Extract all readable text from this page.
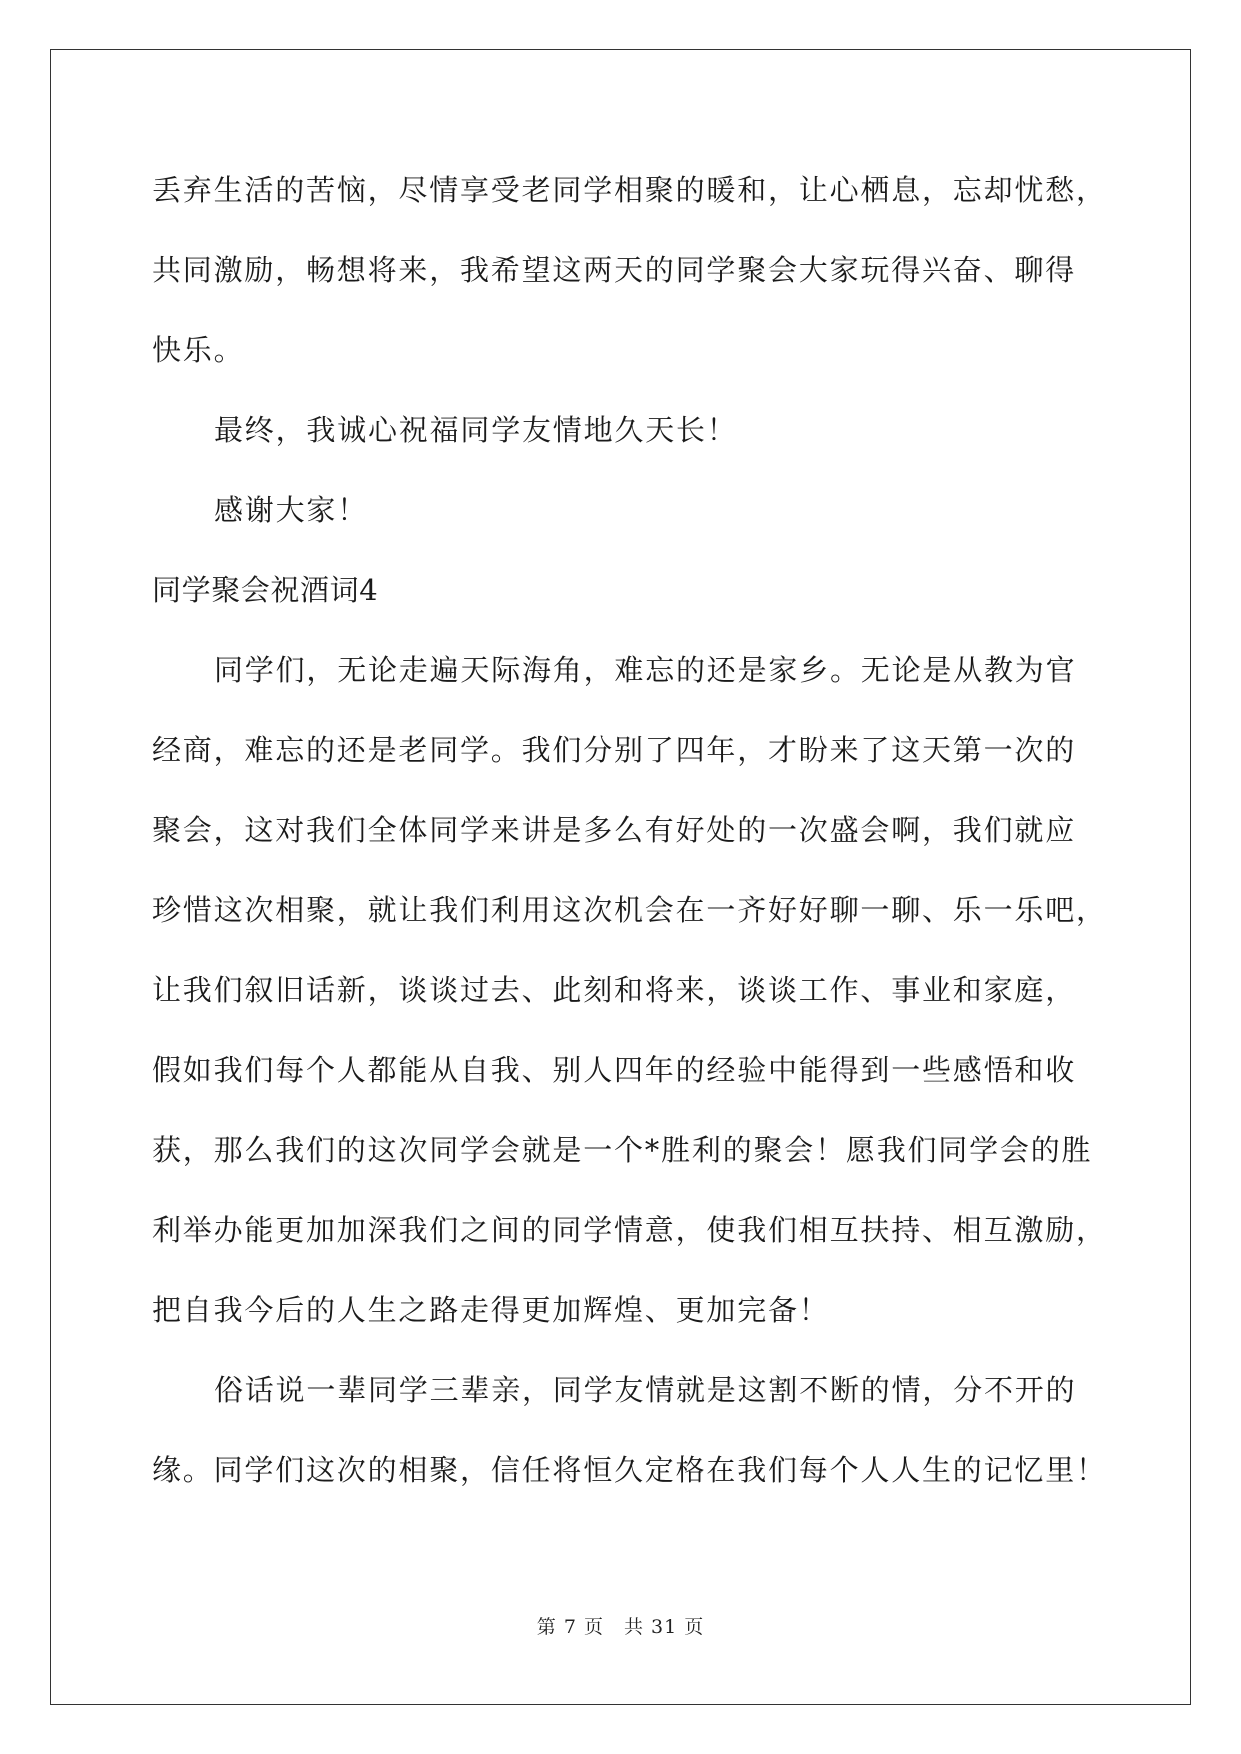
丢弃生活的苦恼，尽情享受老同学相聚的暖和，让心栖息，忘却忧愁，
共同激励，畅想将来，我希望这两天的同学聚会大家玩得兴奋、聊得
快乐。
最终，我诚心祝福同学友情地久天长！
感谢大家！
同学聚会祝酒词4
同学们，无论走遍天际海角，难忘的还是家乡。无论是从教为官
经商，难忘的还是老同学。我们分别了四年，才盼来了这天第一次的
聚会，这对我们全体同学来讲是多么有好处的一次盛会啊，我们就应
珍惜这次相聚，就让我们利用这次机会在一齐好好聊一聊、乐一乐吧，
让我们叙旧话新，谈谈过去、此刻和将来，谈谈工作、事业和家庭，
假如我们每个人都能从自我、别人四年的经验中能得到一些感悟和收
获，那么我们的这次同学会就是一个*胜利的聚会！愿我们同学会的胜
利举办能更加加深我们之间的同学情意，使我们相互扶持、相互激励，
把自我今后的人生之路走得更加辉煌、更加完备！
俗话说一辈同学三辈亲，同学友情就是这割不断的情，分不开的
缘。同学们这次的相聚，信任将恒久定格在我们每个人人生的记忆里！
第 7 页　共 31 页
